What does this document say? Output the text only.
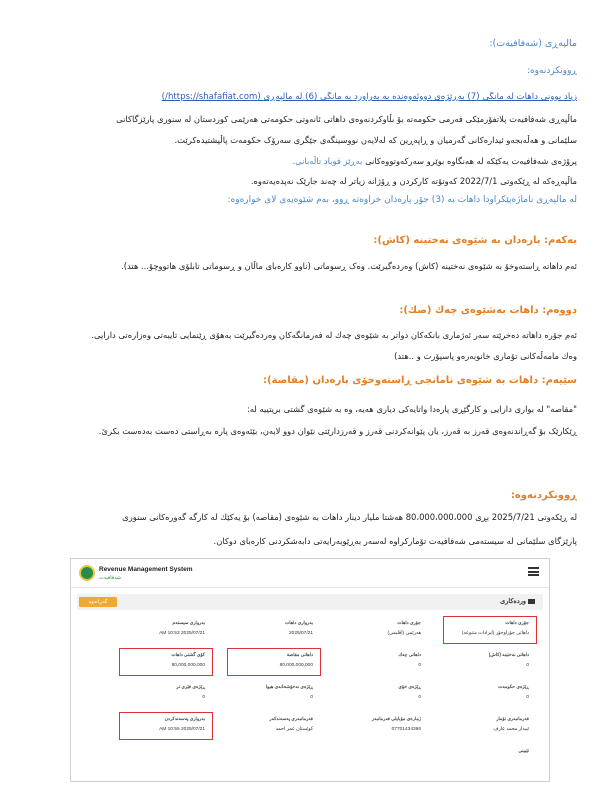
ماڵپەڕی (شەفافیەت):
ڕوونکردنەوە:
زیاد بوونی داهات لە مانگی (7) بەڕێژەی دووئەوەندە بە بەراورد بە مانگی (6) لە ماڵپەڕی (https://shafafiat.com/)
ماڵپەڕی شەفافیەت پلاتفۆرمێکی فەرمی حکومەتە بۆ بڵاوکردنەوەی داهاتی ئانەوتی حکومەتی هەرێمی کوردستان لە سنوری پارێزگاکانی
سلێمانی و هەڵەبجەو ئیدارەکانی گەرمیان و ڕاپەڕین کە لەلایەن نووسینگەی جێگری سەرۆک حکومەت پاڵپشتیدەکرێت.
پرۆژەی شەفافیەت یەکێکە لە هەنگاوە بوێرو سەرکەوتووەکانی بەڕێز قوباد تاڵەبانی.
ماڵپەڕەکە لە ڕێکەوتی 2022/7/1 کەوتۆتە کارکردن و ڕۆژانە زیاتر لە چەند جارێک نەپدەیەتەوە.
لە ماڵپەڕی ناماژەپێکراودا داهات بە (3) جۆر پارەدان خراوەتە ڕوو، بەم شێوەیەی لای خوارەوە:
یەکەم: پارەدان بە شێوەی نەختینە (کاش):
ئەم داهاتە ڕاستەوخۆ بە شێوەی نەختینە (کاش) وەردەگیرێت. وەک ڕسوماتی (ناوو کارەبای ماڵان و ڕسوماتی تابلۆی هاتووچۆ... هتد).
دووەم: داهات بەشێوەی چەك (صك):
ئەم جۆرە داهاتە دەخرێتە سەر ئەژماری بانکەکان دواتر بە شێوەی چەك لە فەرمانگەکان وەردەگیرێت بەهۆی ڕێنمایی تایبەتی وەزارەتی دارایی.
وەك مامەڵەکانی تۆماری خانوبەرەو پاسپۆرت و ..هتد)
سێیەم: داهات بە شێوەی نامانجی ڕاستەوخۆی پارەدان (مقاصة):
"مقاصه" لە بواری دارایی و کارگێڕی پارەدا واتایەکی دیاری هەیە، وە بە شێوەی گشتی بریتییە لە:
ڕێکارێک بۆ گەڕاندنەوەی قەرز بە قەرز، یان پێوانەکردنی قەرز و قەرزدارێتی نێوان دوو لایەن، بێئەوەی پارە بەڕاستی دەست بەدەست بکرێ.
ڕوونکردنەوە:
لە ڕێکەوتی 2025/7/21 بڕی 80،000،000،000 هەشتا ملیار دینار داهات بە شێوەی (مقاصه) بۆ یەکێك لە کارگە گەورەکانی سنوری
پارێزگای سلێمانی لە سیستەمی شەفافیەت تۆمارکراوە لەسەر بەڕێوبەرایەتی دابەشکردنی کارەبای دوکان.
Revenue Management System
شەفافیەت
گەڕانەوە	وردەکاری
جۆری داهات
داهاتی جۆراوجۆر (ایرادات متنوعه)
جۆری داهات
هەرێمی (اقلیمی)
بەرواری داهات
2025/07/21
بەرواری سیستەم
2025/07/21 10:53 AM
داهاتی نەختینە (کاش)
0
داهاتی چەك
0
داهاتی مقاصة
80,000,000,000
کۆی گشتی داهات
80,000,000,000
ڕێژەی حکومەت
0
ڕێژەی خۆی
0
ڕێژەی نەخۆشخانەی هیوا
0
ڕێژەی فێری تر
0
فەرمانبەری تۆمار
ئیبدار محمد عارف
ژمارەی مۆبایلی فەرمانبەر
07701434396
فەرمانبەری پەسەندکەر
کوێستان عمر احمد
بەرواری پەسەندکردن
2025/07/21 10:55 AM
تێبینی
